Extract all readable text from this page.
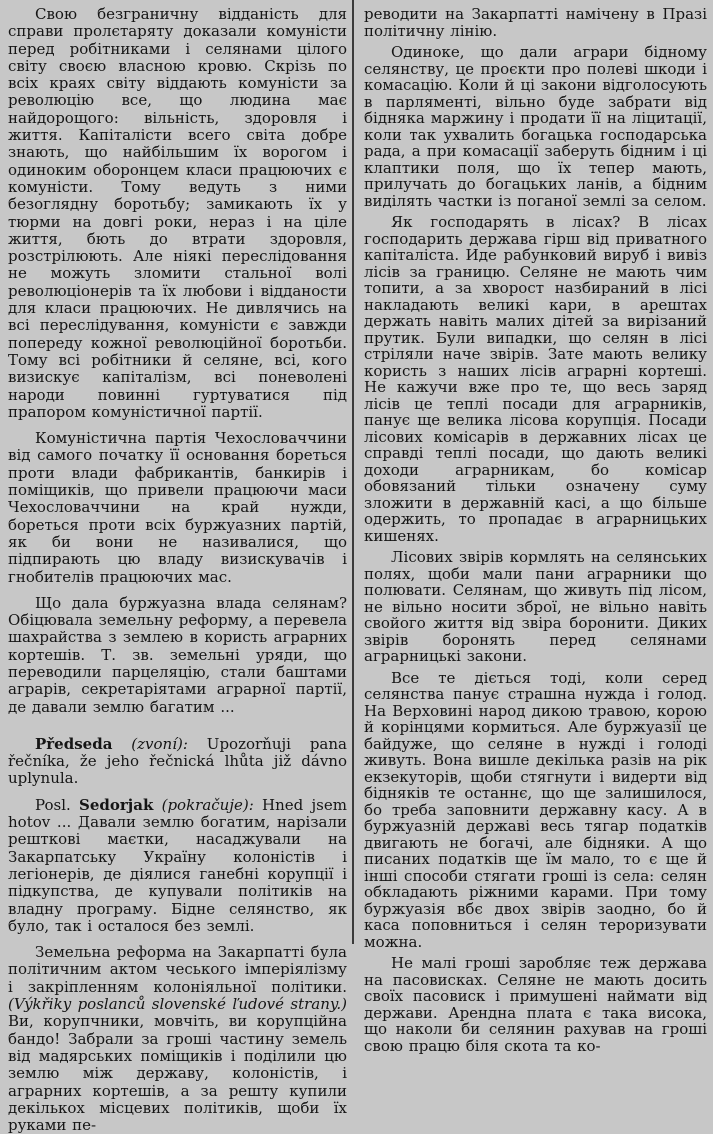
Свою безграничну відданість для справи пролєтаряту доказали комуністи перед робітниками і селянами цілого світу своєю власною кровю. Скрізь по всіх краях світу віддають комуністи за революцію все, що людина має найдорощого: вільність, здоровля і життя. Капіталісти всего світа добре знають, що найбільшим їх ворогом і одиноким оборонцем класи працюючих є комуністи. Тому ведуть з ними безоглядну боротьбу; замикають їх у тюрми на довгі роки, нераз і на ціле життя, бють до втрати здоровля, розстрілюють. Але ніякі переслідовання не можуть зломити стальної волі революціонерів та їх любови і відданости для класи працюючих. Не дивлячись на всі переслідування, комуністи є завжди попереду кожної революційної боротьби. Тому всі робітники й селяне, всі, кого визискує капіталізм, всі поневолені народи повинні гуртуватися під прапором комуністичної партії.

Комуністична партія Чехословаччини від самого початку її основання бореться проти влади фабрикантів, банкирів і поміщиків, що привели працюючи маси Чехословаччини на край нужди, бореться проти всіх буржуазних партій, як би вони не називалися, що підпирають цю владу визискувачів і гнобителів працюючих мас.

Що дала буржуазна влада селянам? Обіцювала земельну реформу, а перевела шахрайства з землею в користь аграрних кортешів. Т. зв. земельні уряди, що переводили парцеляцію, стали баштами аграрів, секретаріятами аграрної партії, де давали землю багатим ...

Předseda (zvoní): Upozorňuji pana řečníka, že jeho řečnická lhůta již dávno uplynula.

Posl. Sedorjak (pokračuje): Hned jsem hotov ... Давали землю богатим, нарізали решткові маєтки, насаджували на Закарпатську Україну колоністів і легіонерів, де діялися ганебні корупції і підкупства, де купували політиків на владну програму. Бідне селянство, як було, так і осталося без землі.

Земельна реформа на Закарпатті була політичним актом чеського імперіялізму і закріпленням колоніяльної політики. (Výkřiky poslanců slovenské ľudové strany.) Ви, корупчники, мовчіть, ви корупційна бандо! Забрали за гроші частину земель від мадярських поміщиків і поділили цю землю між державу, колоністів, і аграрних кортешів, а за решту купили декількох місцевих політиків, щоби їх руками пе-

реводити на Закарпатті намічену в Празі політичну лінію.

Одиноке, що дали аграри бідному селянству, це проєкти про полеві шкоди і комасацію. Коли й ці закони відголосують в парляменті, вільно буде забрати від бідняка маржину і продати її на ліцитації, коли так ухвалить богацька господарська рада, а при комасації заберуть бідним і ці клаптики поля, що їх тепер мають, прилучать до богацьких ланів, а бідним виділять частки із поганої землі за селом.

Як господарять в лісах? В лісах господарить держава гірш від приватного капіталіста. Иде рабунковий вируб і вивіз лісів за границю. Селяне не мають чим топити, а за хворост назбираний в лісі накладають великі кари, в арештах держать навіть малих дітей за вирізаний прутик. Були випадки, що селян в лісі стріляли наче звірів. Зате мають велику користь з наших лісів аграрні кортеші. Не кажучи вже про те, що весь заряд лісів це теплі посади для аграрників, панує ще велика лісова корупція. Посади лісових комісарів в державних лісах це справді теплі посади, що дають великі доходи аграрникам, бо комісар обовязаний тільки означену суму зложити в державній касі, а що більше одержить, то пропадає в аграрницьких кишенях.

Лісових звірів кормлять на селянських полях, щоби мали пани аграрники що полювати. Селянам, що живуть під лісом, не вільно носити зброї, не вільно навіть свойого життя від звіра боронити. Диких звірів боронять перед селянами аграрницькі закони.

Все те діється тоді, коли серед селянства панує страшна нужда і голод. На Верховині народ дикою травою, корою й корінцями кормиться. Але буржуазії це байдуже, що селяне в нужді і голоді живуть. Вона вишле декілька разів на рік екзекуторів, щоби стягнути і видерти від бідняків те останнє, що ще залишилося, бо треба заповнити державну касу. А в буржуазній державі весь тягар податків двигають не богачі, але бідняки. А що писаних податків ще їм мало, то є ще й інші способи стягати гроші із села: селян обкладають ріжними карами. При тому буржуазія вбє двох звірів заодно, бо й каса поповниться і селян тероризувати можна.

Не малі гроші заробляє теж держава на пасовисках. Селяне не мають досить своїх пасовиск і примушені наймати від держави. Арендна плата є така висока, що наколи би селянин рахував на гроші свою працю біля скота та ко-
